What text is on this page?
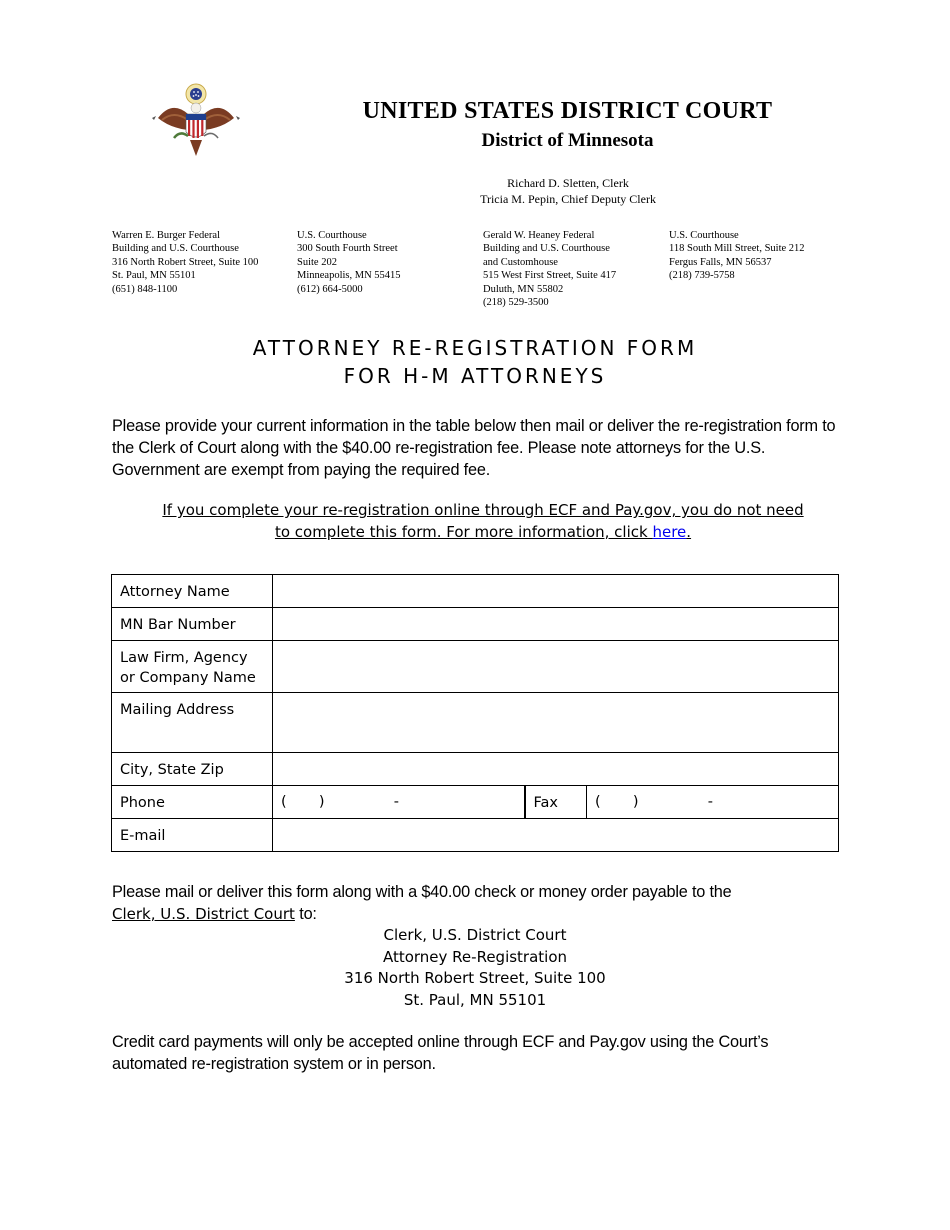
UNITED STATES DISTRICT COURT
District of Minnesota
Richard D. Sletten, Clerk
Tricia M. Pepin, Chief Deputy Clerk
Warren E. Burger Federal
Building and U.S. Courthouse
316 North Robert Street, Suite 100
St. Paul, MN 55101
(651) 848-1100
U.S. Courthouse
300 South Fourth Street
Suite 202
Minneapolis, MN 55415
(612) 664-5000
Gerald W. Heaney Federal
Building and U.S. Courthouse
and Customhouse
515 West First Street, Suite 417
Duluth, MN 55802
(218) 529-3500
U.S. Courthouse
118 South Mill Street, Suite 212
Fergus Falls, MN 56537
(218) 739-5758
ATTORNEY RE-REGISTRATION FORM
FOR H-M ATTORNEYS
Please provide your current information in the table below then mail or deliver the re-registration form to the Clerk of Court along with the $40.00 re-registration fee. Please note attorneys for the U.S. Government are exempt from paying the required fee.
If you complete your re-registration online through ECF and Pay.gov, you do not need
to complete this form. For more information, click here.
Attorney Name			
MN Bar Number			

Law Firm, Agency
or Company Name			

Mailing Address			
City, State Zip			
Phone	(       )               -	Fax	(       )               -
E-mail			
Please mail or deliver this form along with a $40.00 check or money order payable to the
Clerk, U.S. District Court to:
Clerk, U.S. District Court
Attorney Re-Registration
316 North Robert Street, Suite 100
St. Paul, MN 55101
Credit card payments will only be accepted online through ECF and Pay.gov using the Court’s automated re-registration system or in person.
